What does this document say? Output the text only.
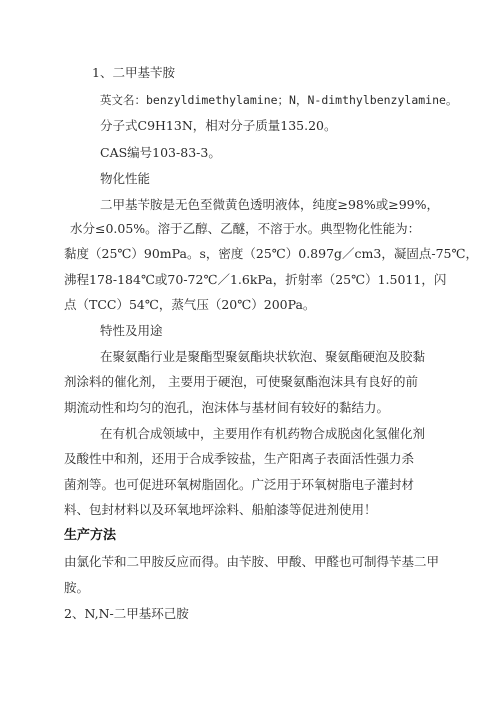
1、二甲基苄胺
英文名：benzyldimethylamine；N，N-dimthylbenzylamine。
分子式C9H13N，相对分子质量135.20。
CAS编号103-83-3。
物化性能
二甲基苄胺是无色至微黄色透明液体，纯度≥98%或≥99%，
水分≤0.05%。溶于乙醇、乙醚，不溶于水。典型物化性能为：
黏度（25℃）90mPa。s，密度（25℃）0.897g／cm3，凝固点-75℃，
沸程178-184℃或70-72℃／1.6kPa，折射率（25℃）1.5011，闪
点（TCC）54℃，蒸气压（20℃）200Pa。
特性及用途
在聚氨酯行业是聚酯型聚氨酯块状软泡、聚氨酯硬泡及胶黏
剂涂料的催化剂， 主要用于硬泡，可使聚氨酯泡沫具有良好的前
期流动性和均匀的泡孔，泡沫体与基材间有较好的黏结力。
在有机合成领域中，主要用作有机药物合成脱卤化氢催化剂
及酸性中和剂，还用于合成季铵盐，生产阳离子表面活性强力杀
菌剂等。也可促进环氧树脂固化。广泛用于环氧树脂电子灌封材
料、包封材料以及环氧地坪涂料、船舶漆等促进剂使用！
生产方法
由氯化苄和二甲胺反应而得。由苄胺、甲酸、甲醛也可制得苄基二甲
胺。
2、N,N-二甲基环己胺
